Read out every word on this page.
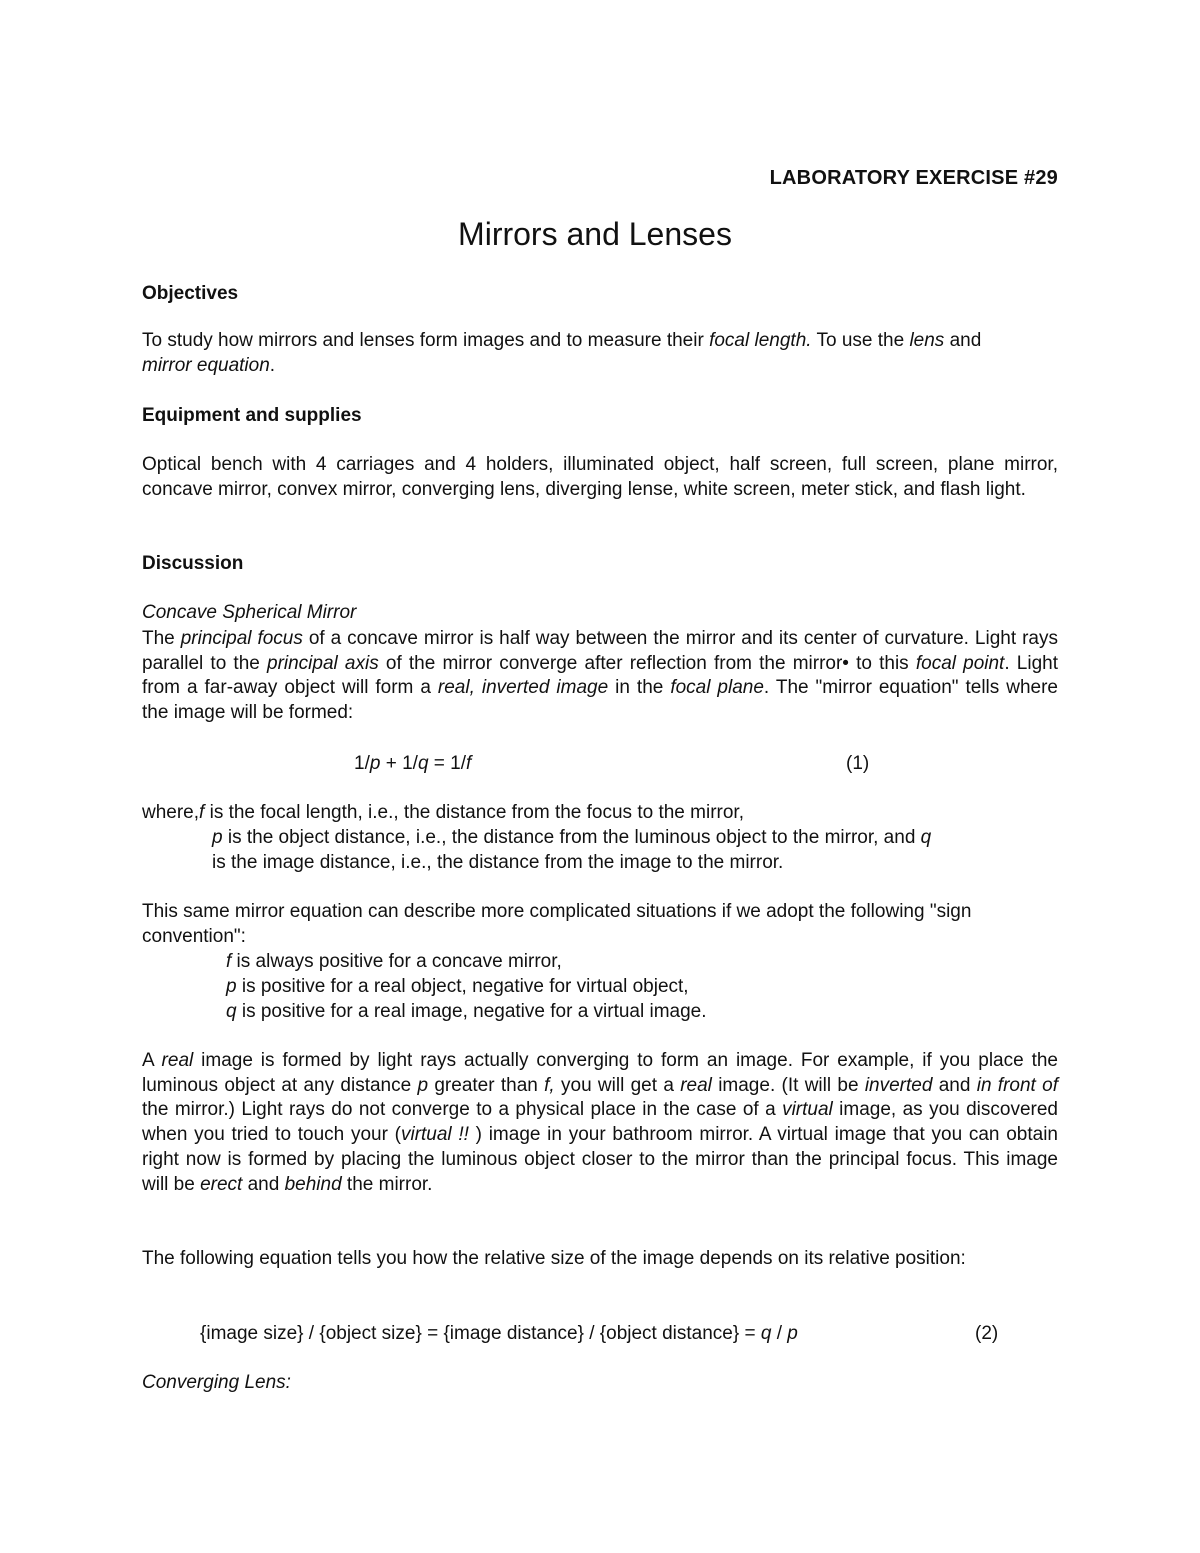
LABORATORY EXERCISE #29
Mirrors and Lenses
Objectives

To study how mirrors and lenses form images and to measure their focal length. To use the lens and mirror equation.

Equipment and supplies

Optical bench with 4 carriages and 4 holders, illuminated object, half screen, full screen, plane mirror, concave mirror, convex mirror, converging lens, diverging lense, white screen, meter stick, and flash light.

Discussion
Concave Spherical Mirror

The principal focus of a concave mirror is half way between the mirror and its center of curvature. Light rays parallel to the principal axis of the mirror converge after reflection from the mirror• to this focal point. Light from a far-away object will form a real, inverted image in the focal plane. The "mirror equation" tells where the image will be formed:

1/p + 1/q = 1/f	(1)
where,f is the focal length, i.e., the distance from the focus to the mirror,
p is the object distance, i.e., the distance from the luminous object to the mirror, and q
is the image distance, i.e., the distance from the image to the mirror.

This same mirror equation can describe more complicated situations if we adopt the following "sign convention":

f is always positive for a concave mirror,
p is positive for a real object, negative for virtual object,
q is positive for a real image, negative for a virtual image.

A real image is formed by light rays actually converging to form an image. For example, if you place the luminous object at any distance p greater than f, you will get a real image. (It will be inverted and in front of the mirror.) Light rays do not converge to a physical place in the case of a virtual image, as you discovered when you tried to touch your (virtual !! ) image in your bathroom mirror. A virtual image that you can obtain right now is formed by placing the luminous object closer to the mirror than the principal focus. This image will be erect and behind the mirror.

The following equation tells you how the relative size of the image depends on its relative position:

{image size} / {object size} = {image distance} / {object distance} = q / p	(2)
Converging Lens:
